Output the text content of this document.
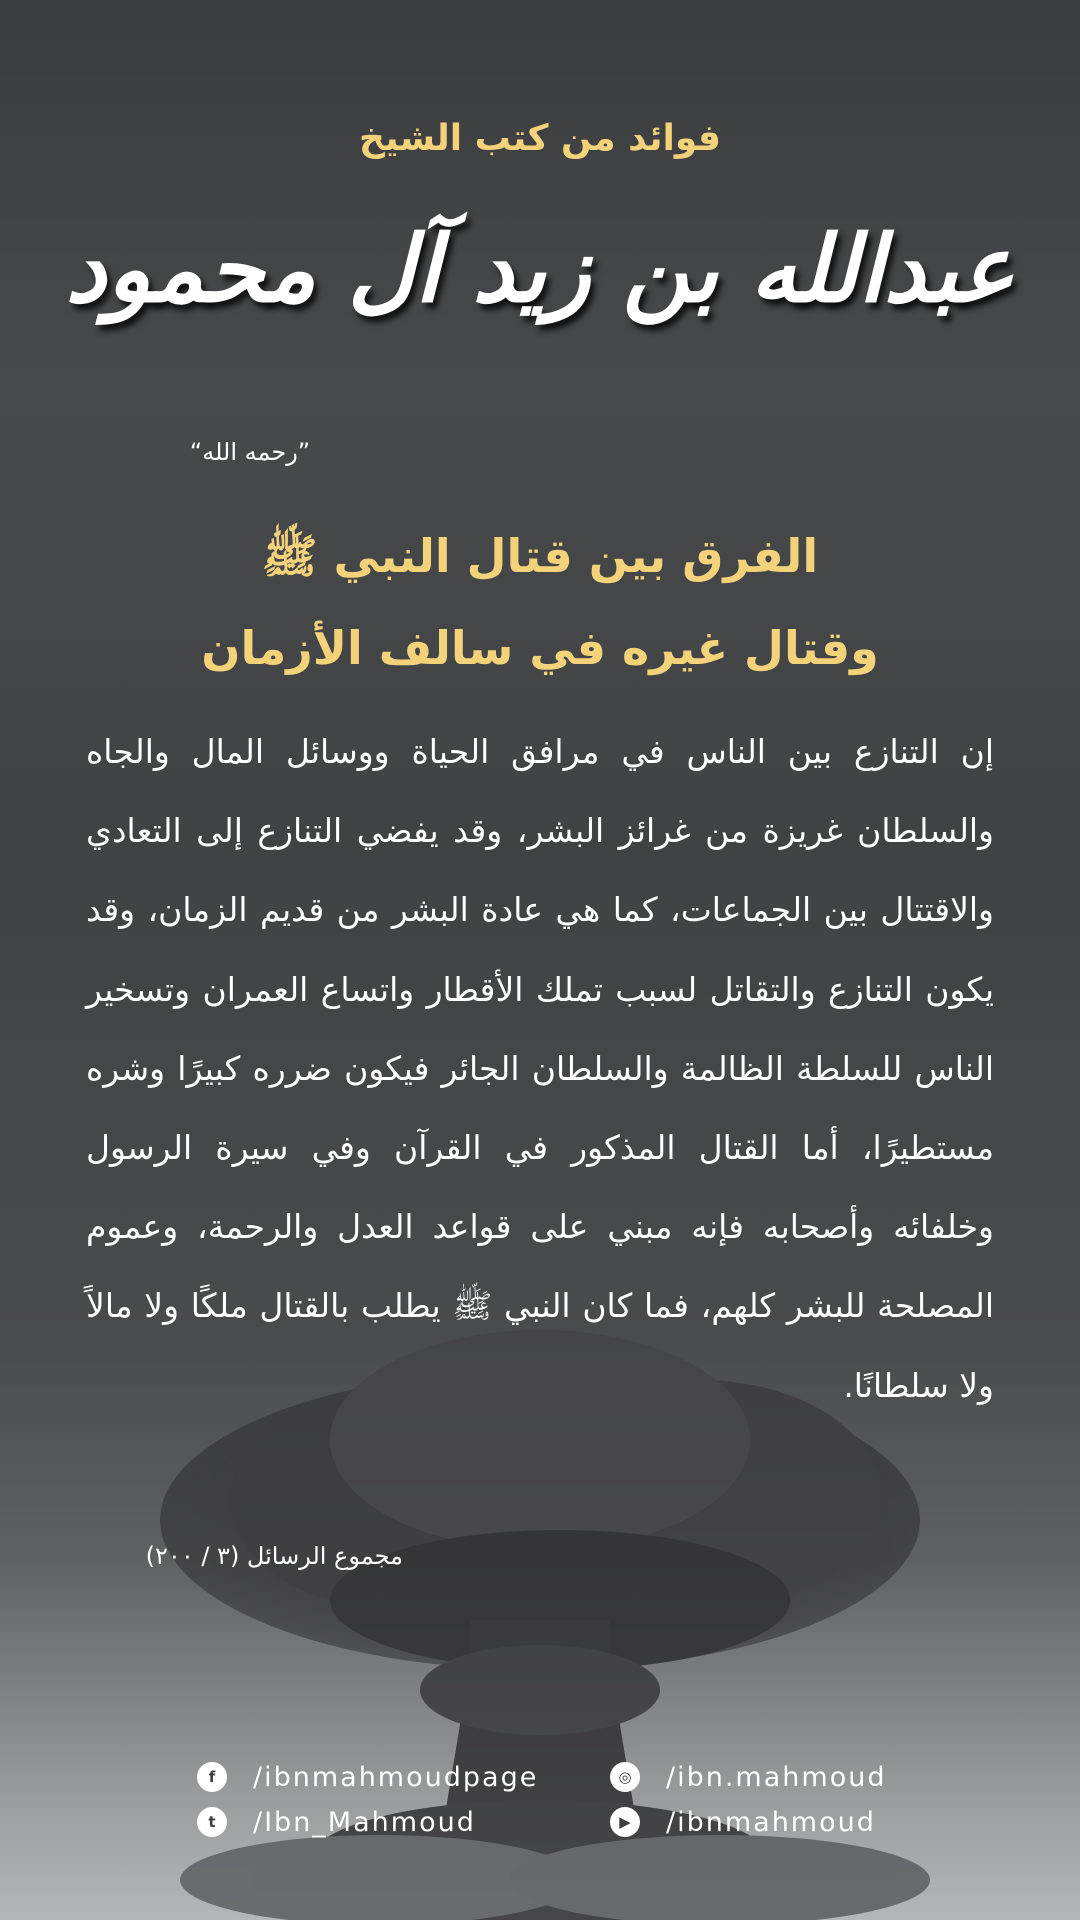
فوائد من كتب الشيخ
عبدالله بن زيد آل محمود
”رحمه الله“
الفرق بين قتال النبي ﷺ
وقتال غيره في سالف الأزمان
إن التنازع بين الناس في مرافق الحياة ووسائل المال والجاه والسلطان غريزة من غرائز البشر، وقد يفضي التنازع إلى التعادي والاقتتال بين الجماعات، كما هي عادة البشر من قديم الزمان، وقد يكون التنازع والتقاتل لسبب تملك الأقطار واتساع العمران وتسخير الناس للسلطة الظالمة والسلطان الجائر فيكون ضرره كبيرًا وشره مستطيرًا، أما القتال المذكور في القرآن وفي سيرة الرسول وخلفائه وأصحابه فإنه مبني على قواعد العدل والرحمة، وعموم المصلحة للبشر كلهم، فما كان النبي ﷺ يطلب بالقتال ملكًا ولا مالاً ولا سلطانًا.
مجموع الرسائل (٣ / ٢٠٠)
f	/ibnmahmoudpage	◎	/ibn.mahmoud
t	/Ibn_Mahmoud	▶	/ibnmahmoud
